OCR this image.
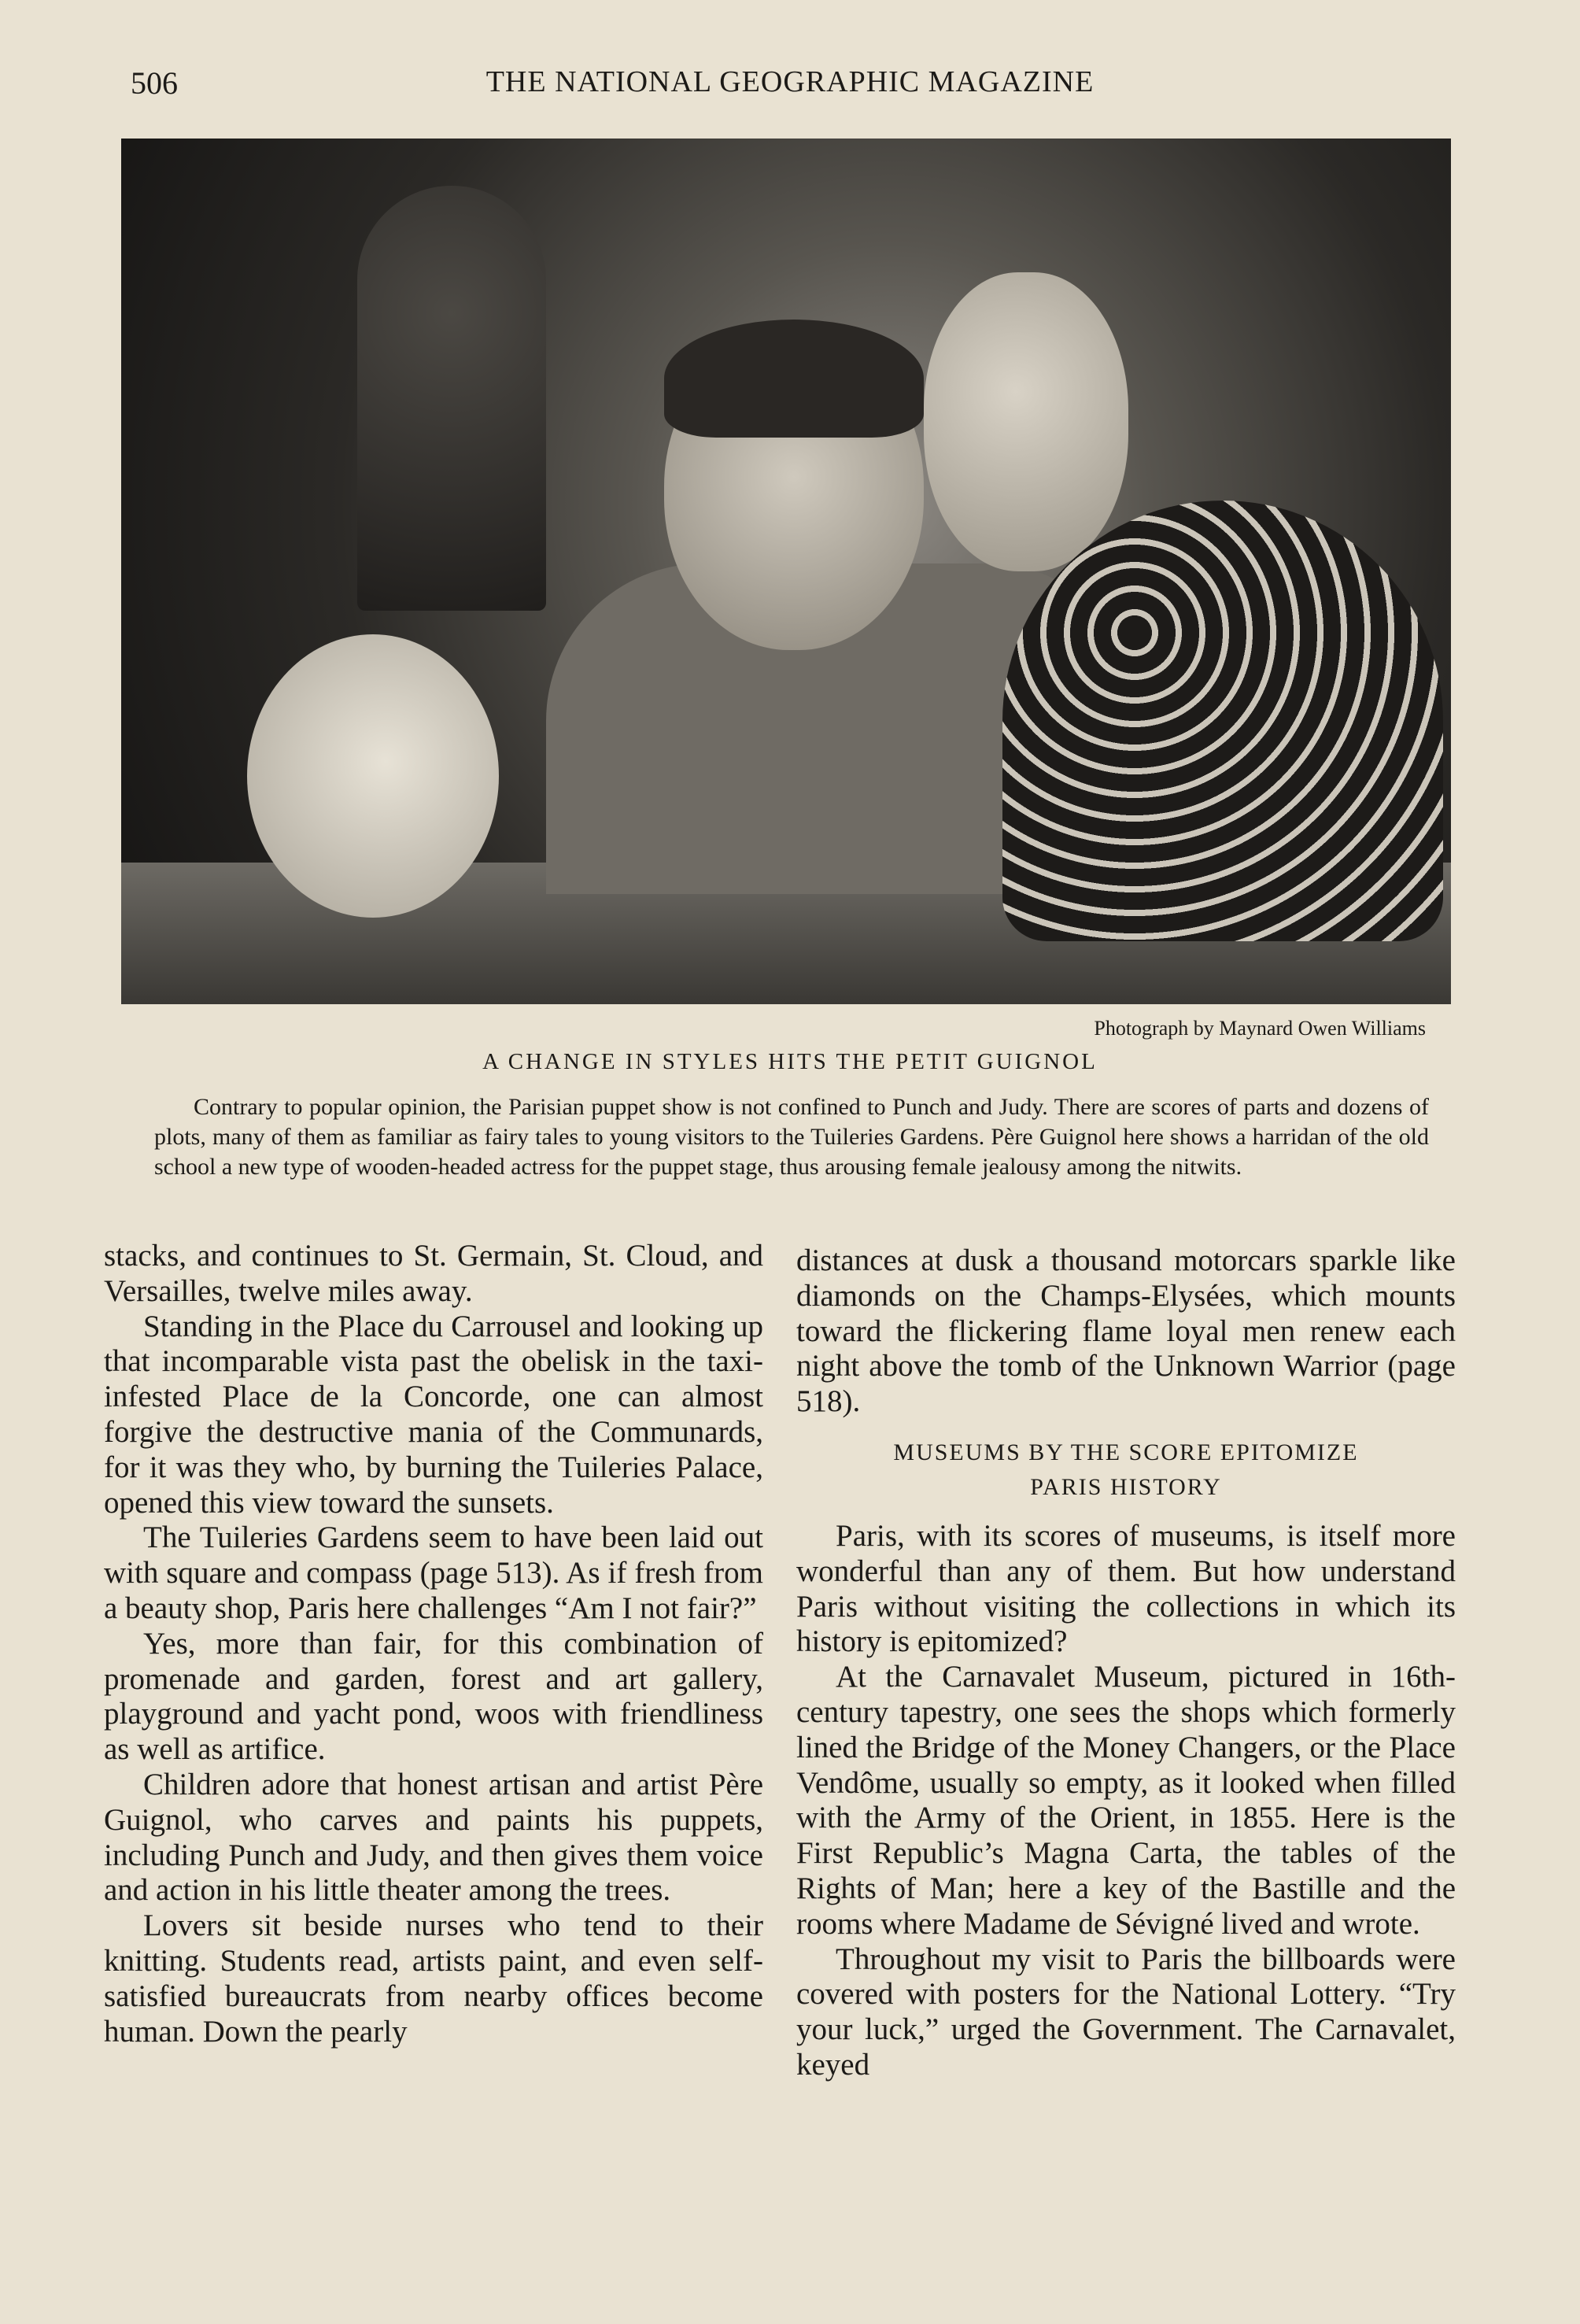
506	THE NATIONAL GEOGRAPHIC MAGAZINE
Photograph by Maynard Owen Williams
A CHANGE IN STYLES HITS THE PETIT GUIGNOL

Contrary to popular opinion, the Parisian puppet show is not confined to Punch and Judy. There are scores of parts and dozens of plots, many of them as familiar as fairy tales to young visitors to the Tuileries Gardens. Père Guignol here shows a harridan of the old school a new type of wooden-headed actress for the puppet stage, thus arousing female jealousy among the nitwits.

stacks, and continues to St. Germain, St. Cloud, and Versailles, twelve miles away.

Standing in the Place du Carrousel and looking up that incomparable vista past the obelisk in the taxi-infested Place de la Concorde, one can almost forgive the destructive mania of the Communards, for it was they who, by burning the Tuileries Palace, opened this view toward the sunsets.

The Tuileries Gardens seem to have been laid out with square and compass (page 513). As if fresh from a beauty shop, Paris here challenges “Am I not fair?”

Yes, more than fair, for this combination of promenade and garden, forest and art gallery, playground and yacht pond, woos with friendliness as well as artifice.

Children adore that honest artisan and artist Père Guignol, who carves and paints his puppets, including Punch and Judy, and then gives them voice and action in his little theater among the trees.

Lovers sit beside nurses who tend to their knitting. Students read, artists paint, and even self-satisfied bureaucrats from nearby offices become human. Down the pearly

distances at dusk a thousand motorcars sparkle like diamonds on the Champs-Elysées, which mounts toward the flickering flame loyal men renew each night above the tomb of the Unknown Warrior (page 518).

MUSEUMS BY THE SCORE EPITOMIZE
PARIS HISTORY

Paris, with its scores of museums, is itself more wonderful than any of them. But how understand Paris without visiting the collections in which its history is epitomized?

At the Carnavalet Museum, pictured in 16th-century tapestry, one sees the shops which formerly lined the Bridge of the Money Changers, or the Place Vendôme, usually so empty, as it looked when filled with the Army of the Orient, in 1855. Here is the First Republic’s Magna Carta, the tables of the Rights of Man; here a key of the Bastille and the rooms where Madame de Sévigné lived and wrote.

Throughout my visit to Paris the billboards were covered with posters for the National Lottery. “Try your luck,” urged the Government. The Carnavalet, keyed
